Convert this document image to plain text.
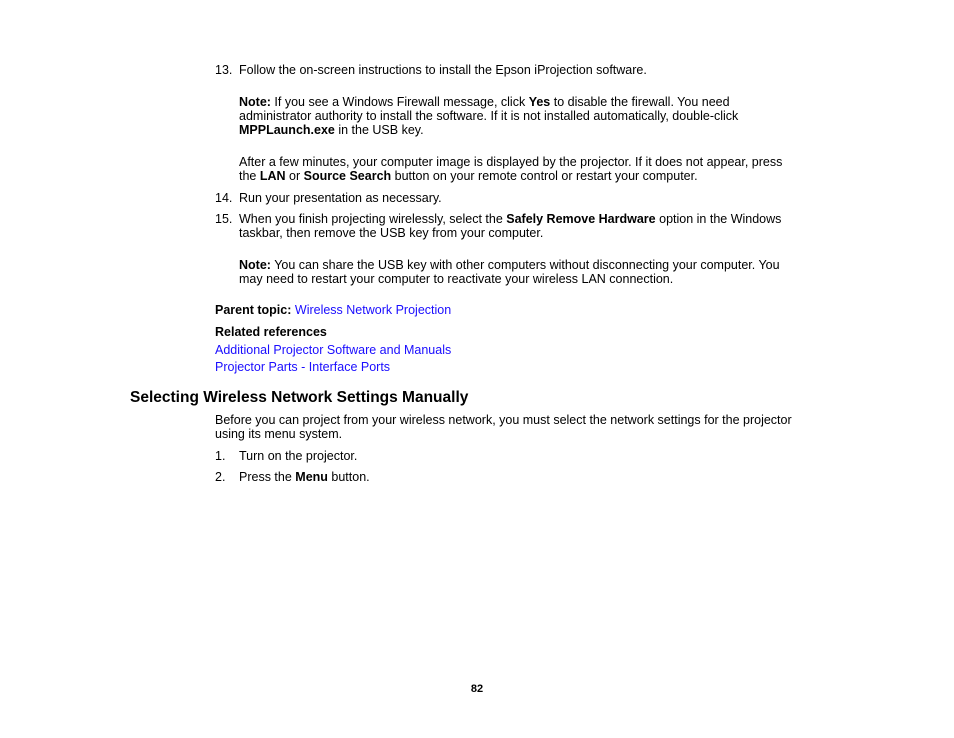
13. Follow the on-screen instructions to install the Epson iProjection software.
Note: If you see a Windows Firewall message, click Yes to disable the firewall. You need
administrator authority to install the software. If it is not installed automatically, double-click
MPPLaunch.exe in the USB key.
After a few minutes, your computer image is displayed by the projector. If it does not appear, press
the LAN or Source Search button on your remote control or restart your computer.
14. Run your presentation as necessary.
15. When you finish projecting wirelessly, select the Safely Remove Hardware option in the Windows
taskbar, then remove the USB key from your computer.
Note: You can share the USB key with other computers without disconnecting your computer. You
may need to restart your computer to reactivate your wireless LAN connection.
Parent topic: Wireless Network Projection
Related references
Additional Projector Software and Manuals
Projector Parts - Interface Ports
Selecting Wireless Network Settings Manually
Before you can project from your wireless network, you must select the network settings for the projector
using its menu system.
1. Turn on the projector.
2. Press the Menu button.
82
